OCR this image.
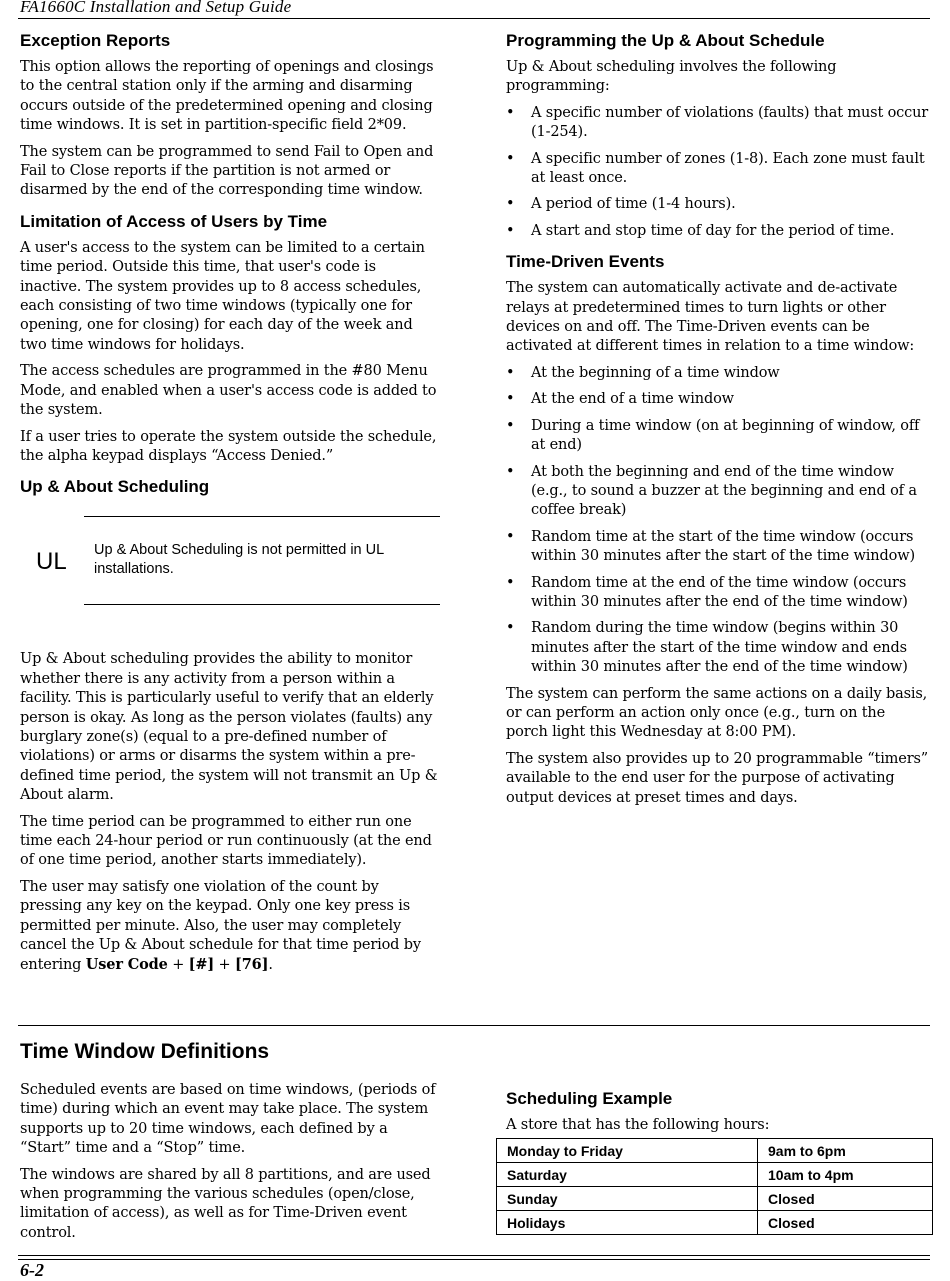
FA1660C Installation and Setup Guide
Exception Reports

This option allows the reporting of openings and closings to the central station only if the arming and disarming occurs outside of the predetermined opening and closing time windows. It is set in partition-specific field 2*09.

The system can be programmed to send Fail to Open and Fail to Close reports if the partition is not armed or disarmed by the end of the corresponding time window.

Limitation of Access of Users by Time

A user's access to the system can be limited to a certain time period. Outside this time, that user's code is inactive. The system provides up to 8 access schedules, each consisting of two time windows (typically one for opening, one for closing) for each day of the week and two time windows for holidays.

The access schedules are programmed in the #80 Menu Mode, and enabled when a user's access code is added to the system.

If a user tries to operate the system outside the schedule, the alpha keypad displays “Access Denied.”

Up & About Scheduling
UL Up & About Scheduling is not permitted in UL installations.

Up & About scheduling provides the ability to monitor whether there is any activity from a person within a facility. This is particularly useful to verify that an elderly person is okay. As long as the person violates (faults) any burglary zone(s) (equal to a pre-defined number of violations) or arms or disarms the system within a pre-defined time period, the system will not transmit an Up & About alarm.

The time period can be programmed to either run one time each 24-hour period or run continuously (at the end of one time period, another starts immediately).

The user may satisfy one violation of the count by pressing any key on the keypad. Only one key press is permitted per minute. Also, the user may completely cancel the Up & About schedule for that time period by entering User Code + [#] + [76].

Programming the Up & About Schedule

Up & About scheduling involves the following programming:

• A specific number of violations (faults) that must occur (1-254).
• A specific number of zones (1-8). Each zone must fault at least once.
• A period of time (1-4 hours).
• A start and stop time of day for the period of time.
Time-Driven Events

The system can automatically activate and de-activate relays at predetermined times to turn lights or other devices on and off. The Time-Driven events can be activated at different times in relation to a time window:

• At the beginning of a time window
• At the end of a time window
• During a time window (on at beginning of window, off at end)
• At both the beginning and end of the time window (e.g., to sound a buzzer at the beginning and end of a coffee break)
• Random time at the start of the time window (occurs within 30 minutes after the start of the time window)
• Random time at the end of the time window (occurs within 30 minutes after the end of the time window)
• Random during the time window (begins within 30 minutes after the start of the time window and ends within 30 minutes after the end of the time window)

The system can perform the same actions on a daily basis, or can perform an action only once (e.g., turn on the porch light this Wednesday at 8:00 PM).

The system also provides up to 20 programmable “timers” available to the end user for the purpose of activating output devices at preset times and days.

Time Window Definitions

Scheduled events are based on time windows, (periods of time) during which an event may take place. The system supports up to 20 time windows, each defined by a “Start” time and a “Stop” time.

The windows are shared by all 8 partitions, and are used when programming the various schedules (open/close, limitation of access), as well as for Time-Driven event control.

Scheduling Example

A store that has the following hours:

Monday to Friday	9am to 6pm
Saturday	10am to 4pm
Sunday	Closed
Holidays	Closed
6-2
